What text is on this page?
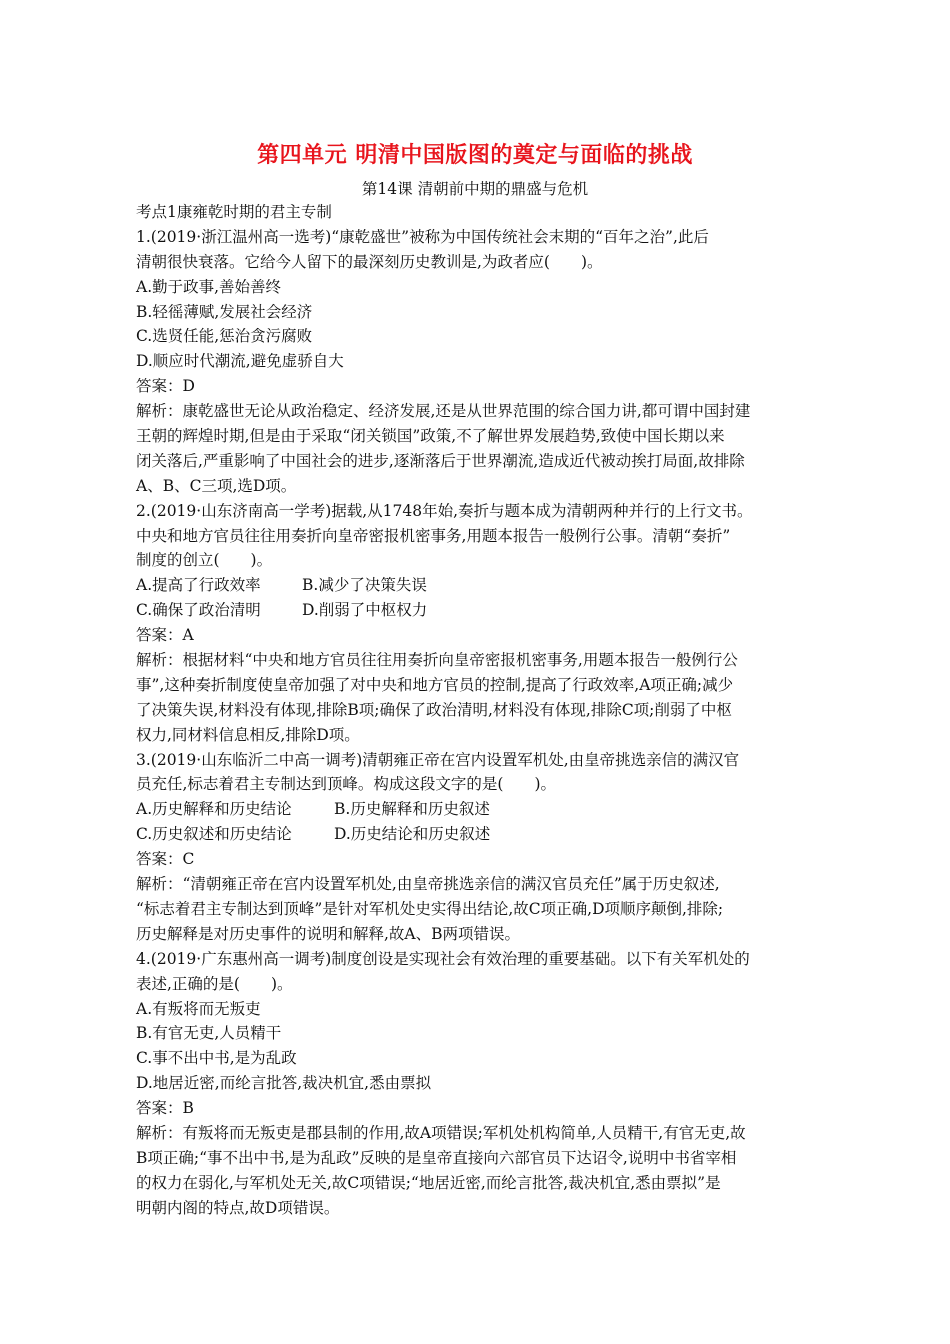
第四单元 明清中国版图的奠定与面临的挑战
第14课 清朝前中期的鼎盛与危机
考点1康雍乾时期的君主专制
1.(2019·浙江温州高一选考)“康乾盛世”被称为中国传统社会末期的“百年之治”,此后
清朝很快衰落。它给今人留下的最深刻历史教训是,为政者应(　　)。
A.勤于政事,善始善终
B.轻徭薄赋,发展社会经济
C.选贤任能,惩治贪污腐败
D.顺应时代潮流,避免虚骄自大
答案：D
解析：康乾盛世无论从政治稳定、经济发展,还是从世界范围的综合国力讲,都可谓中国封建
王朝的辉煌时期,但是由于采取“闭关锁国”政策,不了解世界发展趋势,致使中国长期以来
闭关落后,严重影响了中国社会的进步,逐渐落后于世界潮流,造成近代被动挨打局面,故排除
A、B、C三项,选D项。
2.(2019·山东济南高一学考)据载,从1748年始,奏折与题本成为清朝两种并行的上行文书。
中央和地方官员往往用奏折向皇帝密报机密事务,用题本报告一般例行公事。清朝“奏折”
制度的创立(　　)。
A.提高了行政效率	B.减少了决策失误
C.确保了政治清明	D.削弱了中枢权力
答案：A
解析：根据材料“中央和地方官员往往用奏折向皇帝密报机密事务,用题本报告一般例行公
事”,这种奏折制度使皇帝加强了对中央和地方官员的控制,提高了行政效率,A项正确;减少
了决策失误,材料没有体现,排除B项;确保了政治清明,材料没有体现,排除C项;削弱了中枢
权力,同材料信息相反,排除D项。
3.(2019·山东临沂二中高一调考)清朝雍正帝在宫内设置军机处,由皇帝挑选亲信的满汉官
员充任,标志着君主专制达到顶峰。构成这段文字的是(　　)。
A.历史解释和历史结论	B.历史解释和历史叙述
C.历史叙述和历史结论	D.历史结论和历史叙述
答案：C
解析：“清朝雍正帝在宫内设置军机处,由皇帝挑选亲信的满汉官员充任”属于历史叙述,
“标志着君主专制达到顶峰”是针对军机处史实得出结论,故C项正确,D项顺序颠倒,排除;
历史解释是对历史事件的说明和解释,故A、B两项错误。
4.(2019·广东惠州高一调考)制度创设是实现社会有效治理的重要基础。以下有关军机处的
表述,正确的是(　　)。
A.有叛将而无叛吏
B.有官无吏,人员精干
C.事不出中书,是为乱政
D.地居近密,而纶言批答,裁决机宜,悉由票拟
答案：B
解析：有叛将而无叛吏是郡县制的作用,故A项错误;军机处机构简单,人员精干,有官无吏,故
B项正确;“事不出中书,是为乱政”反映的是皇帝直接向六部官员下达诏令,说明中书省宰相
的权力在弱化,与军机处无关,故C项错误;“地居近密,而纶言批答,裁决机宜,悉由票拟”是
明朝内阁的特点,故D项错误。
